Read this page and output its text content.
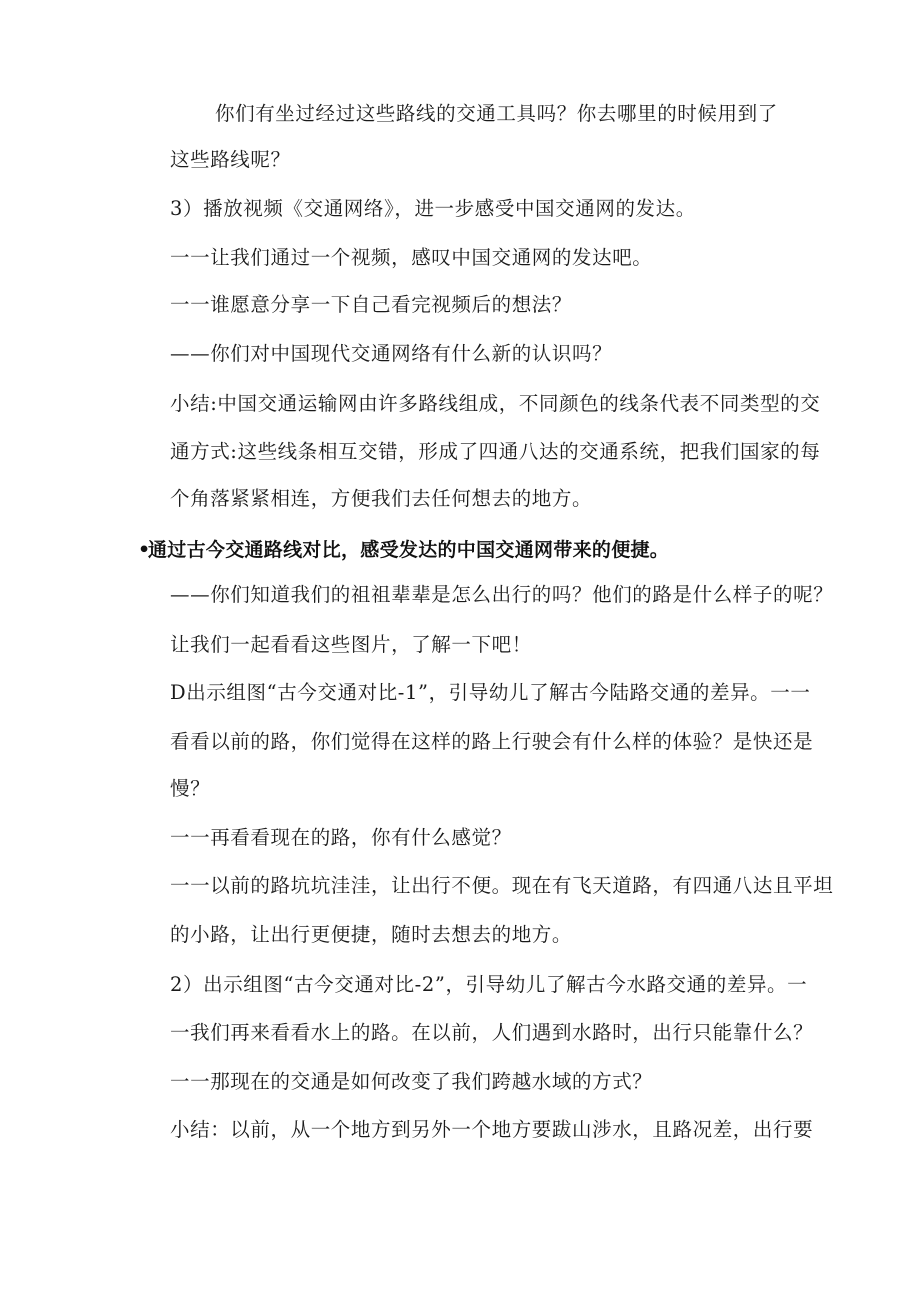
你们有坐过经过这些路线的交通工具吗？你去哪里的时候用到了

这些路线呢？

3）播放视频《交通网络》，进一步感受中国交通网的发达。

一一让我们通过一个视频，感叹中国交通网的发达吧。

一一谁愿意分享一下自己看完视频后的想法？

——你们对中国现代交通网络有什么新的认识吗？

小结:中国交通运输网由许多路线组成，不同颜色的线条代表不同类型的交

通方式:这些线条相互交错，形成了四通八达的交通系统，把我们国家的每

个角落紧紧相连，方便我们去任何想去的地方。

•通过古今交通路线对比，感受发达的中国交通网带来的便捷。

——你们知道我们的祖祖辈辈是怎么出行的吗？他们的路是什么样子的呢？

让我们一起看看这些图片，了解一下吧！

D出示组图“古今交通对比-1”，引导幼儿了解古今陆路交通的差异。一一

看看以前的路，你们觉得在这样的路上行驶会有什么样的体验？是快还是

慢？

一一再看看现在的路，你有什么感觉？

一一以前的路坑坑洼洼，让出行不便。现在有飞天道路，有四通八达且平坦

的小路，让出行更便捷，随时去想去的地方。

2）出示组图“古今交通对比-2”，引导幼儿了解古今水路交通的差异。一

一我们再来看看水上的路。在以前，人们遇到水路时，出行只能靠什么？

一一那现在的交通是如何改变了我们跨越水域的方式？

小结：以前，从一个地方到另外一个地方要跋山涉水，且路况差，出行要
